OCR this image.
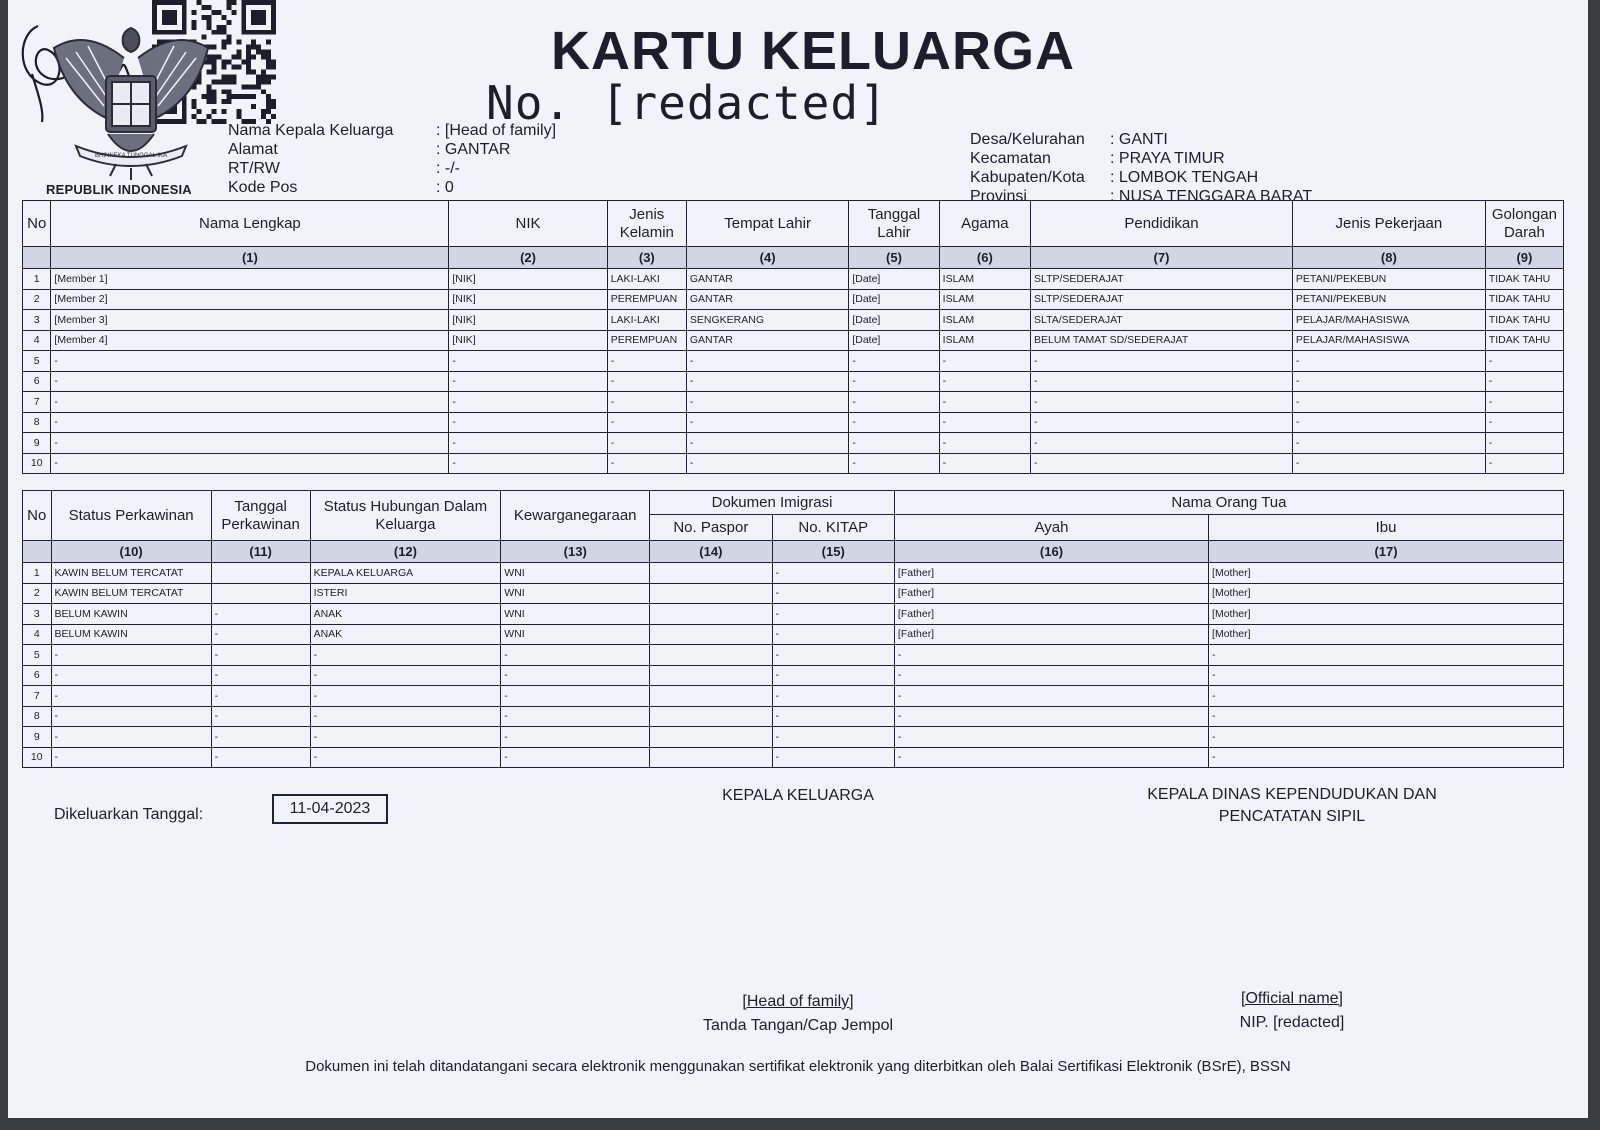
BHINNEKA TUNGGAL IKA
REPUBLIK INDONESIA
KARTU KELUARGA
No. [redacted]
Nama Kepala Keluarga	: [Head of family]
Alamat	: GANTAR
RT/RW	: -/-
Kode Pos	: 0
Desa/Kelurahan	: GANTI
Kecamatan	: PRAYA TIMUR
Kabupaten/Kota	: LOMBOK TENGAH
Provinsi	: NUSA TENGGARA BARAT
No	Nama Lengkap	NIK	Jenis Kelamin	Tempat Lahir	Tanggal Lahir	Agama	Pendidikan	Jenis Pekerjaan	Golongan Darah
	(1)	(2)	(3)	(4)	(5)	(6)	(7)	(8)	(9)
1	[Member 1]	[NIK]	LAKI-LAKI	GANTAR	[Date]	ISLAM	SLTP/SEDERAJAT	PETANI/PEKEBUN	TIDAK TAHU
2	[Member 2]	[NIK]	PEREMPUAN	GANTAR	[Date]	ISLAM	SLTP/SEDERAJAT	PETANI/PEKEBUN	TIDAK TAHU
3	[Member 3]	[NIK]	LAKI-LAKI	SENGKERANG	[Date]	ISLAM	SLTA/SEDERAJAT	PELAJAR/MAHASISWA	TIDAK TAHU
4	[Member 4]	[NIK]	PEREMPUAN	GANTAR	[Date]	ISLAM	BELUM TAMAT SD/SEDERAJAT	PELAJAR/MAHASISWA	TIDAK TAHU
5	-	-	-	-	-	-	-	-	-
6	-	-	-	-	-	-	-	-	-
7	-	-	-	-	-	-	-	-	-
8	-	-	-	-	-	-	-	-	-
9	-	-	-	-	-	-	-	-	-
10	-	-	-	-	-	-	-	-	-
No	Status Perkawinan	Tanggal Perkawinan	Status Hubungan Dalam Keluarga	Kewarganegaraan	Dokumen Imigrasi		Nama Orang Tua	
					No. Paspor	No. KITAP	Ayah	Ibu
	(10)	(11)	(12)	(13)	(14)	(15)	(16)	(17)
1	KAWIN BELUM TERCATAT		KEPALA KELUARGA	WNI		-	[Father]	[Mother]
2	KAWIN BELUM TERCATAT		ISTERI	WNI		-	[Father]	[Mother]
3	BELUM KAWIN	-	ANAK	WNI		-	[Father]	[Mother]
4	BELUM KAWIN	-	ANAK	WNI		-	[Father]	[Mother]
5	-	-	-	-		-	-	-
6	-	-	-	-		-	-	-
7	-	-	-	-		-	-	-
8	-	-	-	-		-	-	-
9	-	-	-	-		-	-	-
10	-	-	-	-		-	-	-
Dikeluarkan Tanggal:	11-04-2023
KEPALA KELUARGA

[Head of family]
Tanda Tangan/Cap Jempol
KEPALA DINAS KEPENDUDUKAN DAN PENCATATAN SIPIL
[Official name]
NIP. [redacted]
Dokumen ini telah ditandatangani secara elektronik menggunakan sertifikat elektronik yang diterbitkan oleh Balai Sertifikasi Elektronik (BSrE), BSSN
